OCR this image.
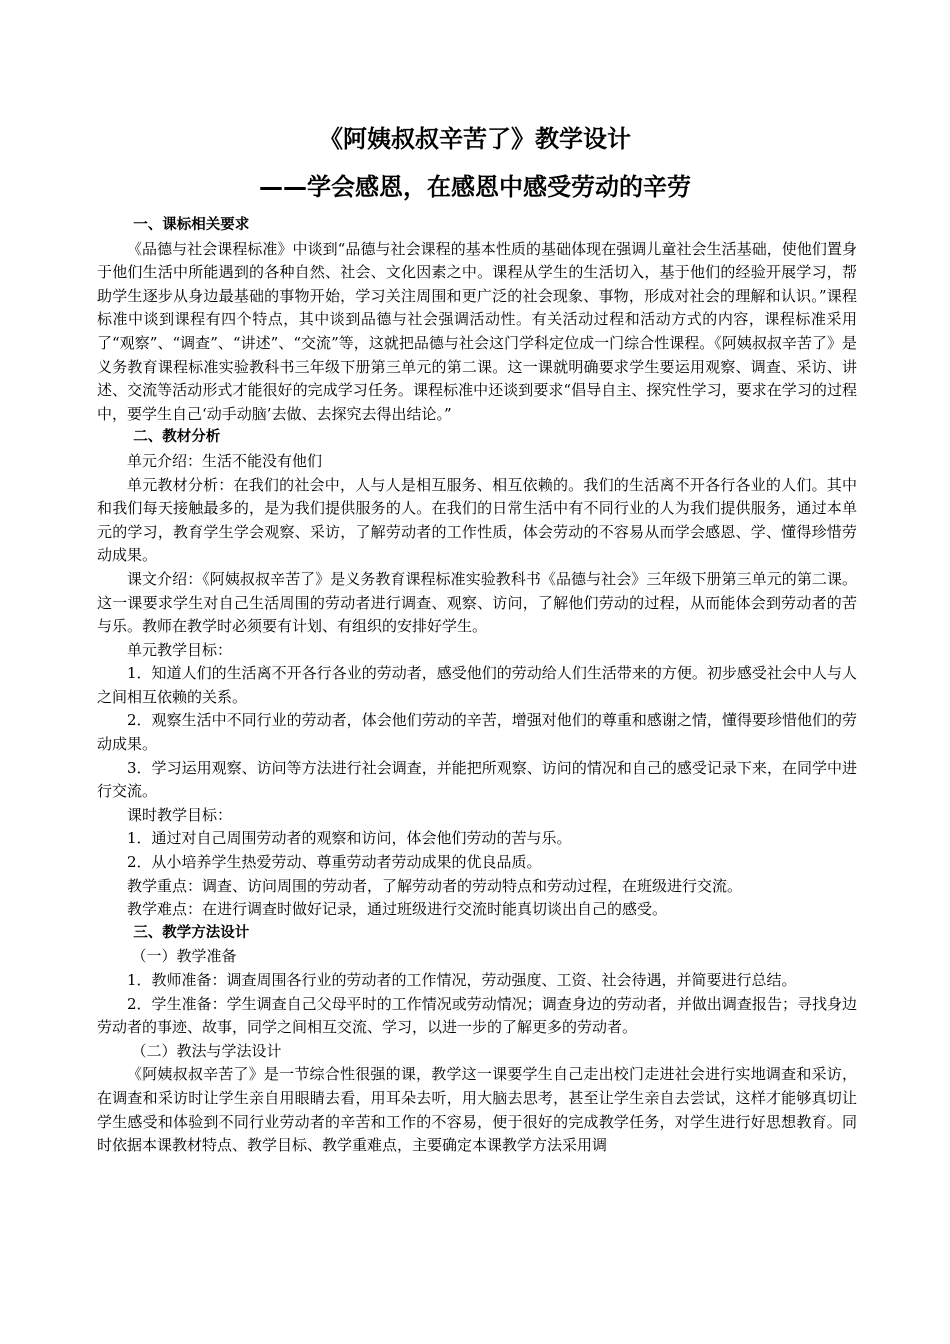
《阿姨叔叔辛苦了》教学设计
——学会感恩，在感恩中感受劳动的辛劳

一、课标相关要求

《品德与社会课程标准》中谈到“品德与社会课程的基本性质的基础体现在强调儿童社会生活基础，使他们置身于他们生活中所能遇到的各种自然、社会、文化因素之中。课程从学生的生活切入，基于他们的经验开展学习，帮助学生逐步从身边最基础的事物开始，学习关注周围和更广泛的社会现象、事物，形成对社会的理解和认识。”课程标准中谈到课程有四个特点，其中谈到品德与社会强调活动性。有关活动过程和活动方式的内容，课程标准采用了“观察”、“调查”、“讲述”、“交流”等，这就把品德与社会这门学科定位成一门综合性课程。《阿姨叔叔辛苦了》是义务教育课程标准实验教科书三年级下册第三单元的第二课。这一课就明确要求学生要运用观察、调查、采访、讲述、交流等活动形式才能很好的完成学习任务。课程标准中还谈到要求“倡导自主、探究性学习，要求在学习的过程中，要学生自己‘动手动脑’去做、去探究去得出结论。”

二、教材分析

单元介绍：生活不能没有他们

单元教材分析：在我们的社会中，人与人是相互服务、相互依赖的。我们的生活离不开各行各业的人们。其中和我们每天接触最多的，是为我们提供服务的人。在我们的日常生活中有不同行业的人为我们提供服务，通过本单元的学习，教育学生学会观察、采访，了解劳动者的工作性质，体会劳动的不容易从而学会感恩、学、懂得珍惜劳动成果。

课文介绍：《阿姨叔叔辛苦了》是义务教育课程标准实验教科书《品德与社会》三年级下册第三单元的第二课。这一课要求学生对自己生活周围的劳动者进行调查、观察、访问，了解他们劳动的过程，从而能体会到劳动者的苦与乐。教师在教学时必须要有计划、有组织的安排好学生。

单元教学目标：

1．知道人们的生活离不开各行各业的劳动者，感受他们的劳动给人们生活带来的方便。初步感受社会中人与人之间相互依赖的关系。

2．观察生活中不同行业的劳动者，体会他们劳动的辛苦，增强对他们的尊重和感谢之情，懂得要珍惜他们的劳动成果。

3．学习运用观察、访问等方法进行社会调查，并能把所观察、访问的情况和自己的感受记录下来，在同学中进行交流。

课时教学目标：

1．通过对自己周围劳动者的观察和访问，体会他们劳动的苦与乐。

2．从小培养学生热爱劳动、尊重劳动者劳动成果的优良品质。

教学重点：调查、访问周围的劳动者，了解劳动者的劳动特点和劳动过程，在班级进行交流。

教学难点：在进行调查时做好记录，通过班级进行交流时能真切谈出自己的感受。

三、教学方法设计

（一）教学准备

1．教师准备：调查周围各行业的劳动者的工作情况，劳动强度、工资、社会待遇，并简要进行总结。

2．学生准备：学生调查自己父母平时的工作情况或劳动情况；调查身边的劳动者，并做出调查报告；寻找身边劳动者的事迹、故事，同学之间相互交流、学习，以进一步的了解更多的劳动者。

（二）教法与学法设计

《阿姨叔叔辛苦了》是一节综合性很强的课，教学这一课要学生自己走出校门走进社会进行实地调查和采访，在调查和采访时让学生亲自用眼睛去看，用耳朵去听，用大脑去思考，甚至让学生亲自去尝试，这样才能够真切让学生感受和体验到不同行业劳动者的辛苦和工作的不容易，便于很好的完成教学任务，对学生进行好思想教育。同时依据本课教材特点、教学目标、教学重难点，主要确定本课教学方法采用调
